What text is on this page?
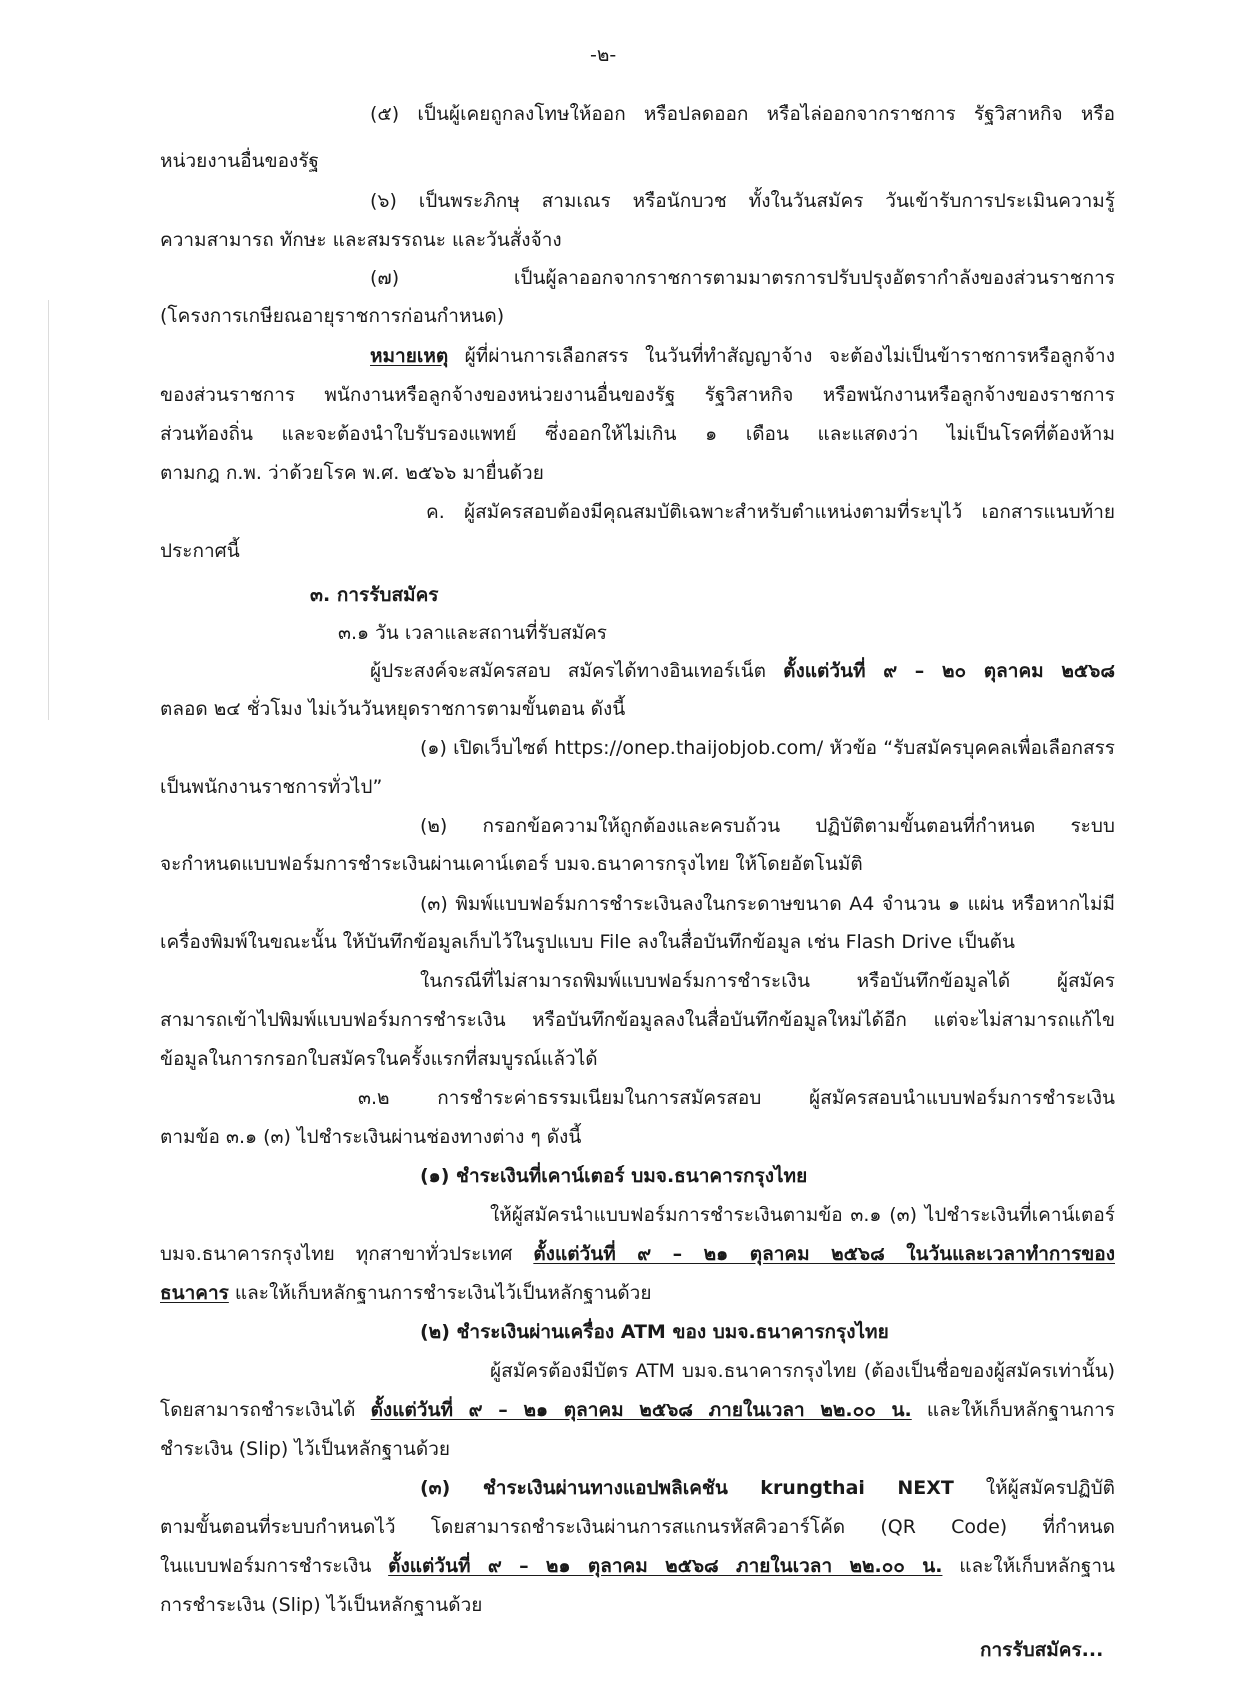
-๒-

(๕) เป็นผู้เคยถูกลงโทษให้ออก หรือปลดออก หรือไล่ออกจากราชการ รัฐวิสาหกิจ หรือ

หน่วยงานอื่นของรัฐ

(๖) เป็นพระภิกษุ สามเณร หรือนักบวช ทั้งในวันสมัคร วันเข้ารับการประเมินความรู้

ความสามารถ ทักษะ และสมรรถนะ และวันสั่งจ้าง

(๗) เป็นผู้ลาออกจากราชการตามมาตรการปรับปรุงอัตรากำลังของส่วนราชการ

(โครงการเกษียณอายุราชการก่อนกำหนด)

หมายเหตุ ผู้ที่ผ่านการเลือกสรร ในวันที่ทำสัญญาจ้าง จะต้องไม่เป็นข้าราชการหรือลูกจ้าง

ของส่วนราชการ พนักงานหรือลูกจ้างของหน่วยงานอื่นของรัฐ รัฐวิสาหกิจ หรือพนักงานหรือลูกจ้างของราชการ

ส่วนท้องถิ่น และจะต้องนำใบรับรองแพทย์ ซึ่งออกให้ไม่เกิน ๑ เดือน และแสดงว่า ไม่เป็นโรคที่ต้องห้าม

ตามกฎ ก.พ. ว่าด้วยโรค พ.ศ. ๒๕๖๖ มายื่นด้วย

ค. ผู้สมัครสอบต้องมีคุณสมบัติเฉพาะสำหรับตำแหน่งตามที่ระบุไว้ เอกสารแนบท้าย

ประกาศนี้

๓. การรับสมัคร

๓.๑ วัน เวลาและสถานที่รับสมัคร

ผู้ประสงค์จะสมัครสอบ สมัครได้ทางอินเทอร์เน็ต ตั้งแต่วันที่ ๙ – ๒๐ ตุลาคม ๒๕๖๘

ตลอด ๒๔ ชั่วโมง ไม่เว้นวันหยุดราชการตามขั้นตอน ดังนี้

(๑) เปิดเว็บไซต์ https://onep.thaijobjob.com/ หัวข้อ “รับสมัครบุคคลเพื่อเลือกสรร

เป็นพนักงานราชการทั่วไป”

(๒) กรอกข้อความให้ถูกต้องและครบถ้วน ปฏิบัติตามขั้นตอนที่กำหนด ระบบ

จะกำหนดแบบฟอร์มการชำระเงินผ่านเคาน์เตอร์ บมจ.ธนาคารกรุงไทย ให้โดยอัตโนมัติ

(๓) พิมพ์แบบฟอร์มการชำระเงินลงในกระดาษขนาด A4 จำนวน ๑ แผ่น หรือหากไม่มี

เครื่องพิมพ์ในขณะนั้น ให้บันทึกข้อมูลเก็บไว้ในรูปแบบ File ลงในสื่อบันทึกข้อมูล เช่น Flash Drive เป็นต้น

ในกรณีที่ไม่สามารถพิมพ์แบบฟอร์มการชำระเงิน หรือบันทึกข้อมูลได้ ผู้สมัคร

สามารถเข้าไปพิมพ์แบบฟอร์มการชำระเงิน หรือบันทึกข้อมูลลงในสื่อบันทึกข้อมูลใหม่ได้อีก แต่จะไม่สามารถแก้ไข

ข้อมูลในการกรอกใบสมัครในครั้งแรกที่สมบูรณ์แล้วได้

๓.๒ การชำระค่าธรรมเนียมในการสมัครสอบ ผู้สมัครสอบนำแบบฟอร์มการชำระเงิน

ตามข้อ ๓.๑ (๓) ไปชำระเงินผ่านช่องทางต่าง ๆ ดังนี้

(๑) ชำระเงินที่เคาน์เตอร์ บมจ.ธนาคารกรุงไทย

ให้ผู้สมัครนำแบบฟอร์มการชำระเงินตามข้อ ๓.๑ (๓) ไปชำระเงินที่เคาน์เตอร์

บมจ.ธนาคารกรุงไทย ทุกสาขาทั่วประเทศ ตั้งแต่วันที่ ๙ – ๒๑ ตุลาคม ๒๕๖๘ ในวันและเวลาทำการของ

ธนาคาร และให้เก็บหลักฐานการชำระเงินไว้เป็นหลักฐานด้วย

(๒) ชำระเงินผ่านเครื่อง ATM ของ บมจ.ธนาคารกรุงไทย

ผู้สมัครต้องมีบัตร ATM บมจ.ธนาคารกรุงไทย (ต้องเป็นชื่อของผู้สมัครเท่านั้น)

โดยสามารถชำระเงินได้ ตั้งแต่วันที่ ๙ – ๒๑ ตุลาคม ๒๕๖๘ ภายในเวลา ๒๒.๐๐ น. และให้เก็บหลักฐานการ

ชำระเงิน (Slip) ไว้เป็นหลักฐานด้วย

(๓) ชำระเงินผ่านทางแอปพลิเคชัน krungthai NEXT ให้ผู้สมัครปฏิบัติ

ตามขั้นตอนที่ระบบกำหนดไว้ โดยสามารถชำระเงินผ่านการสแกนรหัสคิวอาร์โค้ด (QR Code) ที่กำหนด

ในแบบฟอร์มการชำระเงิน ตั้งแต่วันที่ ๙ – ๒๑ ตุลาคม ๒๕๖๘ ภายในเวลา ๒๒.๐๐ น. และให้เก็บหลักฐาน

การชำระเงิน (Slip) ไว้เป็นหลักฐานด้วย

การรับสมัคร...
